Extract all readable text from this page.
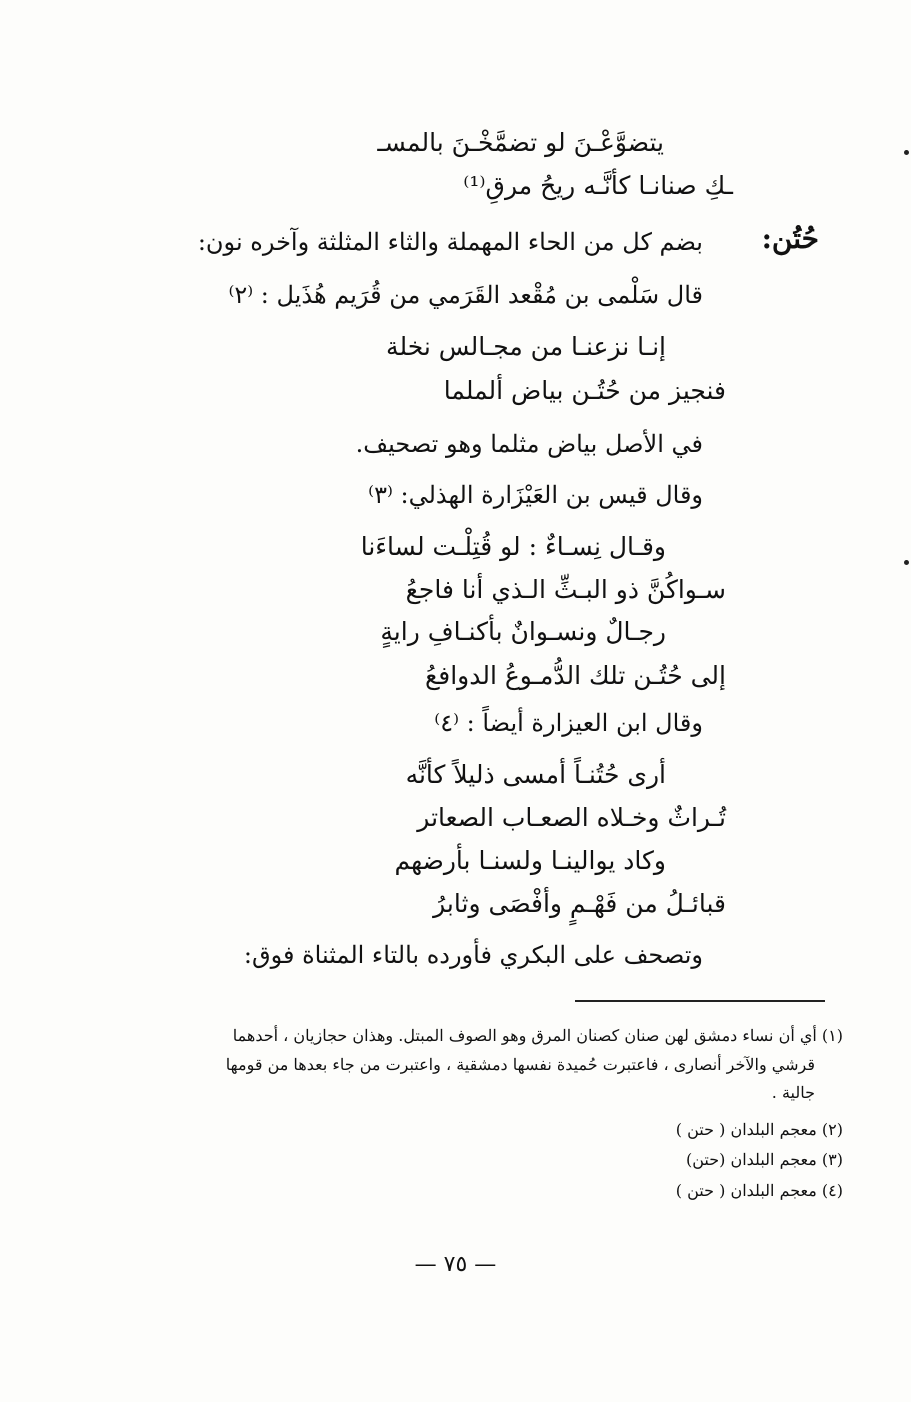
يتضوَّعْـنَ لو تضمَّخْـنَ بالمسـ
ـكِ صنانـا كأنَّـه ريحُ مرقِ⁽¹⁾
حُتُن:
بضم كل من الحاء المهملة والثاء المثلثة وآخره نون:
قال سَلْمى بن مُقْعد القَرَمي من قُرَيم هُذَيل : ⁽٢⁾
إنـا نزعنـا من مجـالس نخلة
فنجيز من حُتُـن بياض ألملما
في الأصل بياض مثلما وهو تصحيف.
وقال قيس بن العَيْزَارة الهذلي: ⁽٣⁾
وقـال نِسـاءٌ : لو قُتِلْـت لساءَنا
سـواكُنَّ ذو البـثِّ الـذي أنا فاجعُ
رجـالٌ ونسـوانٌ بأكنـافِ رايةٍ
إلى حُتُـن تلك الدُّمـوعُ الدوافعُ
وقال ابن العيزارة أيضاً : ⁽٤⁾
أرى حُتُنـاً أمسى ذليلاً كأنَّه
تُـراثٌ وخـلاه الصعـاب الصعاتر
وكاد يوالينـا ولسنـا بأرضهم
قبائـلُ من فَهْـمٍ وأفْصَى وثابرُ
وتصحف على البكري فأورده بالتاء المثناة فوق:
(١) أي أن نساء دمشق لهن صنان كصنان المرق وهو الصوف المبتل. وهذان حجازيان ، أحدهما
قرشي والآخر أنصارى ، فاعتبرت حُميدة نفسها دمشقية ، واعتبرت من جاء بعدها من قومها
جالية .
(٢) معجم البلدان ( حتن )
(٣) معجم البلدان (حتن)
(٤) معجم البلدان ( حتن )
— ٧٥ —
